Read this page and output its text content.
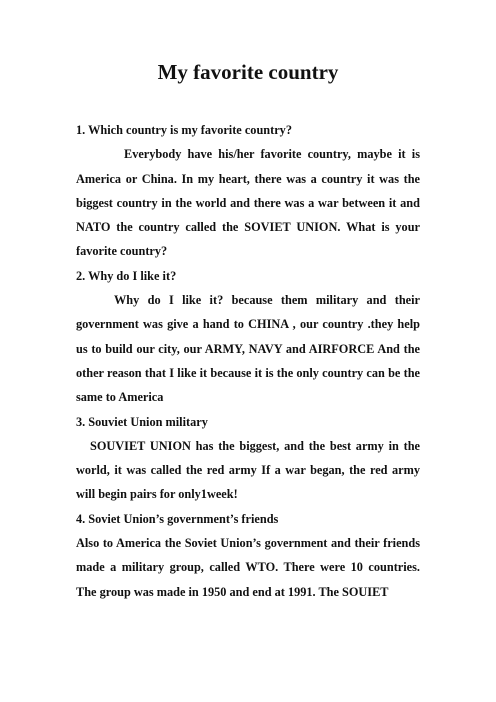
My favorite country

1. Which country is my favorite country?

Everybody have his/her favorite country, maybe it is America or China. In my heart, there was a country it was the biggest country in the world and there was a war between it and NATO the country called the SOVIET UNION. What is your favorite country?

2. Why do I like it?

Why do I like it? because them military and their government was give a hand to CHINA , our country .they help us to build our city, our ARMY, NAVY and AIRFORCE And the other reason that I like it because it is the only country can be the same to America

3. Souviet Union military

SOUVIET UNION has the biggest, and the best army in the world, it was called the red army If a war began, the red army will begin pairs for only1week!

4. Soviet Union’s government’s friends

Also to America the Soviet Union’s government and their friends made a military group, called WTO. There were 10 countries. The group was made in 1950 and end at 1991. The SOUIET
